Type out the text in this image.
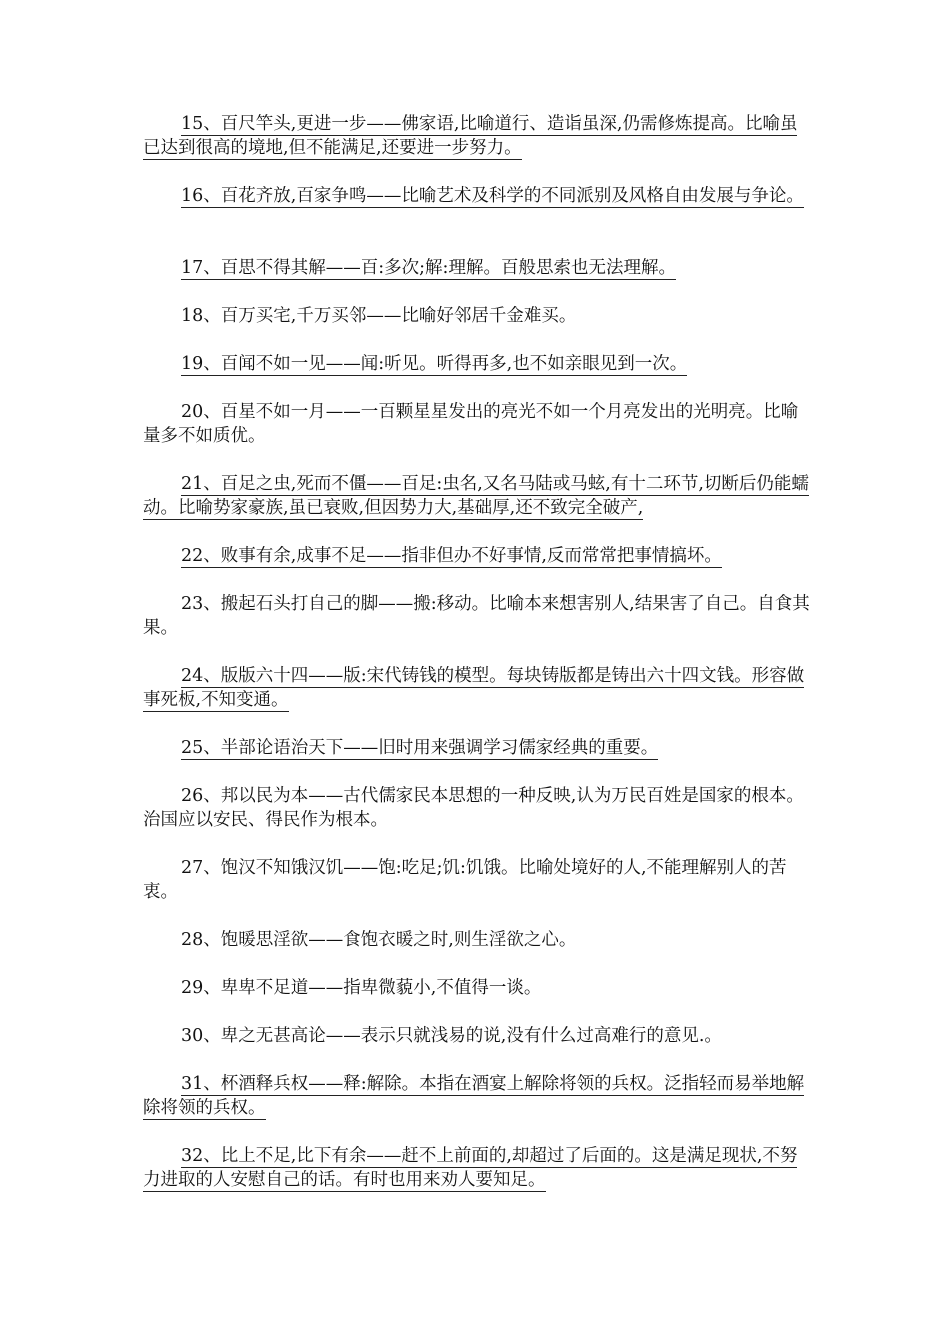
15、百尺竿头,更进一步——佛家语,比喻道行、造诣虽深,仍需修炼提高。比喻虽已达到很高的境地,但不能满足,还要进一步努力。

16、百花齐放,百家争鸣——比喻艺术及科学的不同派别及风格自由发展与争论。

17、百思不得其解——百:多次;解:理解。百般思索也无法理解。

18、百万买宅,千万买邻——比喻好邻居千金难买。

19、百闻不如一见——闻:听见。听得再多,也不如亲眼见到一次。

20、百星不如一月——一百颗星星发出的亮光不如一个月亮发出的光明亮。比喻量多不如质优。

21、百足之虫,死而不僵——百足:虫名,又名马陆或马蚿,有十二环节,切断后仍能蠕动。比喻势家豪族,虽已衰败,但因势力大,基础厚,还不致完全破产,

22、败事有余,成事不足——指非但办不好事情,反而常常把事情搞坏。

23、搬起石头打自己的脚——搬:移动。比喻本来想害别人,结果害了自己。自食其果。

24、版版六十四——版:宋代铸钱的模型。每块铸版都是铸出六十四文钱。形容做事死板,不知变通。

25、半部论语治天下——旧时用来强调学习儒家经典的重要。

26、邦以民为本——古代儒家民本思想的一种反映,认为万民百姓是国家的根本。治国应以安民、得民作为根本。

27、饱汉不知饿汉饥——饱:吃足;饥:饥饿。比喻处境好的人,不能理解别人的苦衷。

28、饱暖思淫欲——食饱衣暖之时,则生淫欲之心。

29、卑卑不足道——指卑微藐小,不值得一谈。

30、卑之无甚高论——表示只就浅易的说,没有什么过高难行的意见.。

31、杯酒释兵权——释:解除。本指在酒宴上解除将领的兵权。泛指轻而易举地解除将领的兵权。

32、比上不足,比下有余——赶不上前面的,却超过了后面的。这是满足现状,不努力进取的人安慰自己的话。有时也用来劝人要知足。
